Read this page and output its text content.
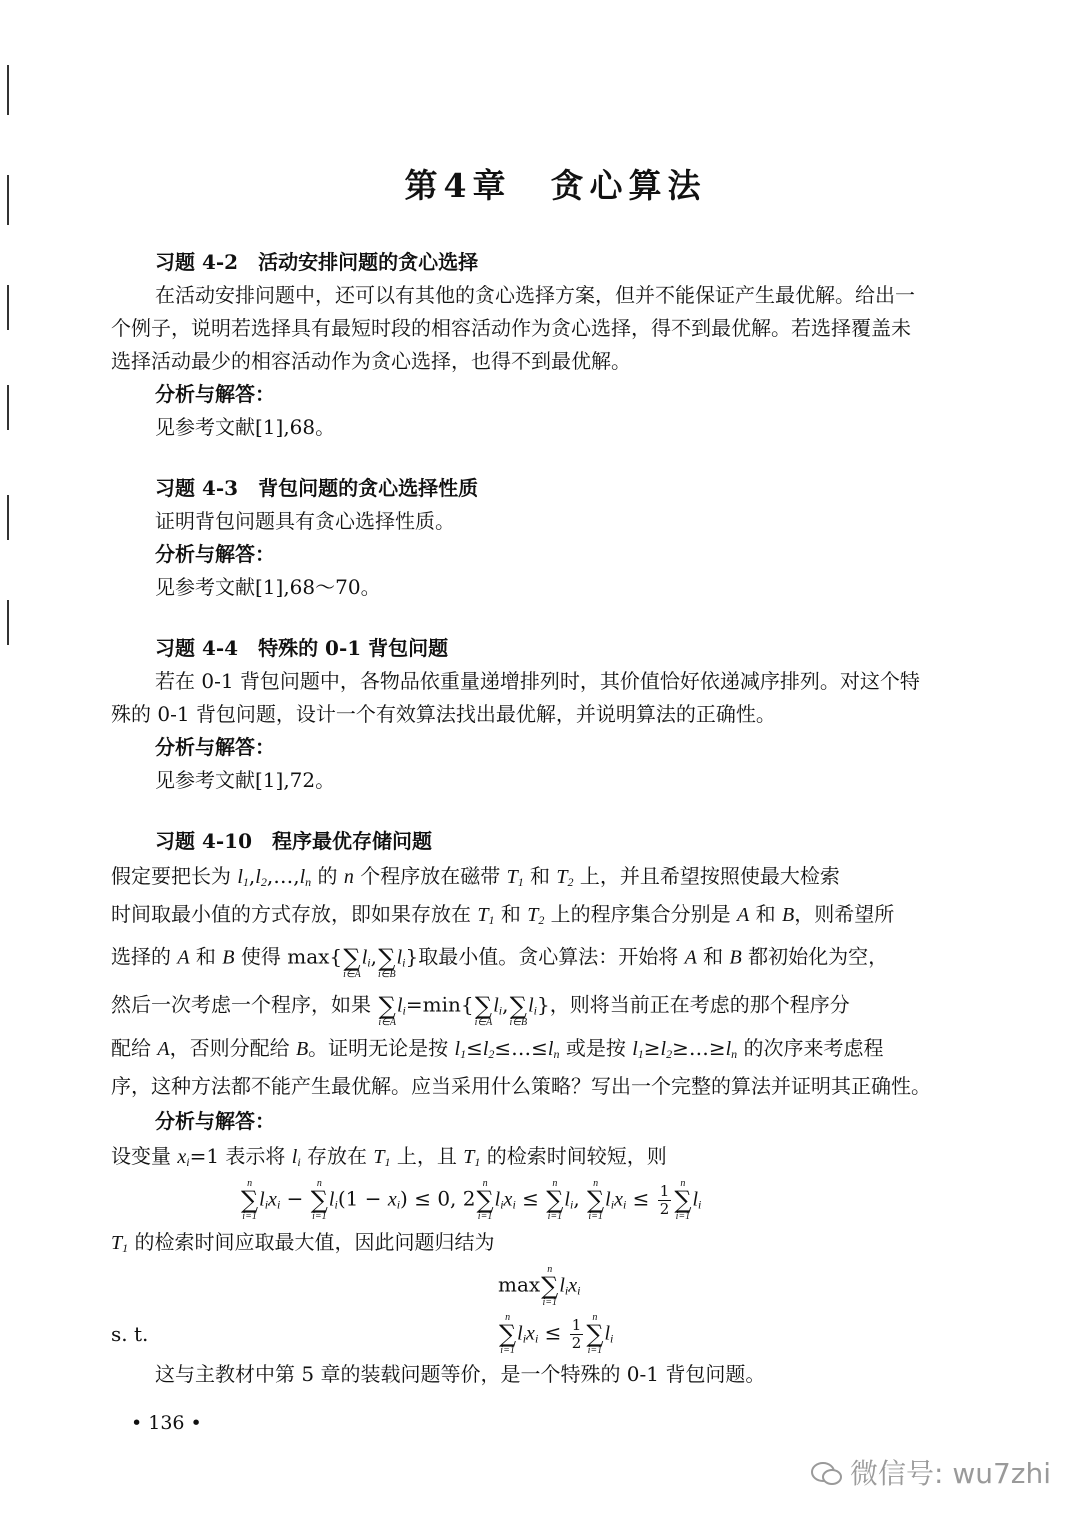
第4章　贪心算法
习题 4-2　活动安排问题的贪心选择
在活动安排问题中，还可以有其他的贪心选择方案，但并不能保证产生最优解。给出一
个例子，说明若选择具有最短时段的相容活动作为贪心选择，得不到最优解。若选择覆盖未
选择活动最少的相容活动作为贪心选择，也得不到最优解。
分析与解答：
见参考文献[1],68。
习题 4-3　背包问题的贪心选择性质
证明背包问题具有贪心选择性质。
分析与解答：
见参考文献[1],68～70。
习题 4-4　特殊的 0-1 背包问题
若在 0-1 背包问题中，各物品依重量递增排列时，其价值恰好依递减序排列。对这个特
殊的 0-1 背包问题，设计一个有效算法找出最优解，并说明算法的正确性。
分析与解答：
见参考文献[1],72。
习题 4-10　程序最优存储问题
假定要把长为 $l_1,l_2,\dots,l_n$ 的 n 个程序放在磁带 $T_1$ 和 $T_2$ 上，并且希望按照使最大检索
时间取最小值的方式存放，即如果存放在 $T_1$ 和 $T_2$ 上的程序集合分别是 A 和 B，则希望所
选择的 A 和 B 使得 max{ ∑
i∈A
$l_i$, ∑
i∈B
$l_i$}取最小值。贪心算法：开始将 A 和 B 都初始化为空，
然后一次考虑一个程序，如果 ∑
i∈A
$l_i=\min${ ∑
i∈A
$l_i$, ∑
i∈B
$l_i$}，则将当前正在考虑的那个程序分
配给 A，否则分配给 B。证明无论是按 $l_1\le l_2\le\dots\le l_n$ 或是按 $l_1\ge l_2\ge\dots\ge l_n$ 的次序来考虑程
序，这种方法都不能产生最优解。应当采用什么策略？写出一个完整的算法并证明其正确性。
分析与解答：
设变量 $x_i=1$ 表示将 $l_i$ 存放在 $T_1$ 上，且 $T_1$ 的检索时间较短，则
n
∑
i=1
$l_ix_i$ −
n
∑
i=1
$l_i(1 - x_i) \le 0$, 2
n
∑
i=1
$l_ix_i$ ≤
n
∑
i=1
$l_i$,
n
∑
i=1
$l_ix_i \le \frac{1}{2}$ n
∑
i=1
$l_i$
$T_1$ 的检索时间应取最大值，因此问题归结为
max
n
∑
i=1
$l_ix_i$
s. t.
n
∑
i=1
$l_ix_i \le \frac{1}{2}$ n
∑
i=1
$l_i$
这与主教材中第 5 章的装载问题等价，是一个特殊的 0-1 背包问题。
• 136 •
微信号: wu7zhi
